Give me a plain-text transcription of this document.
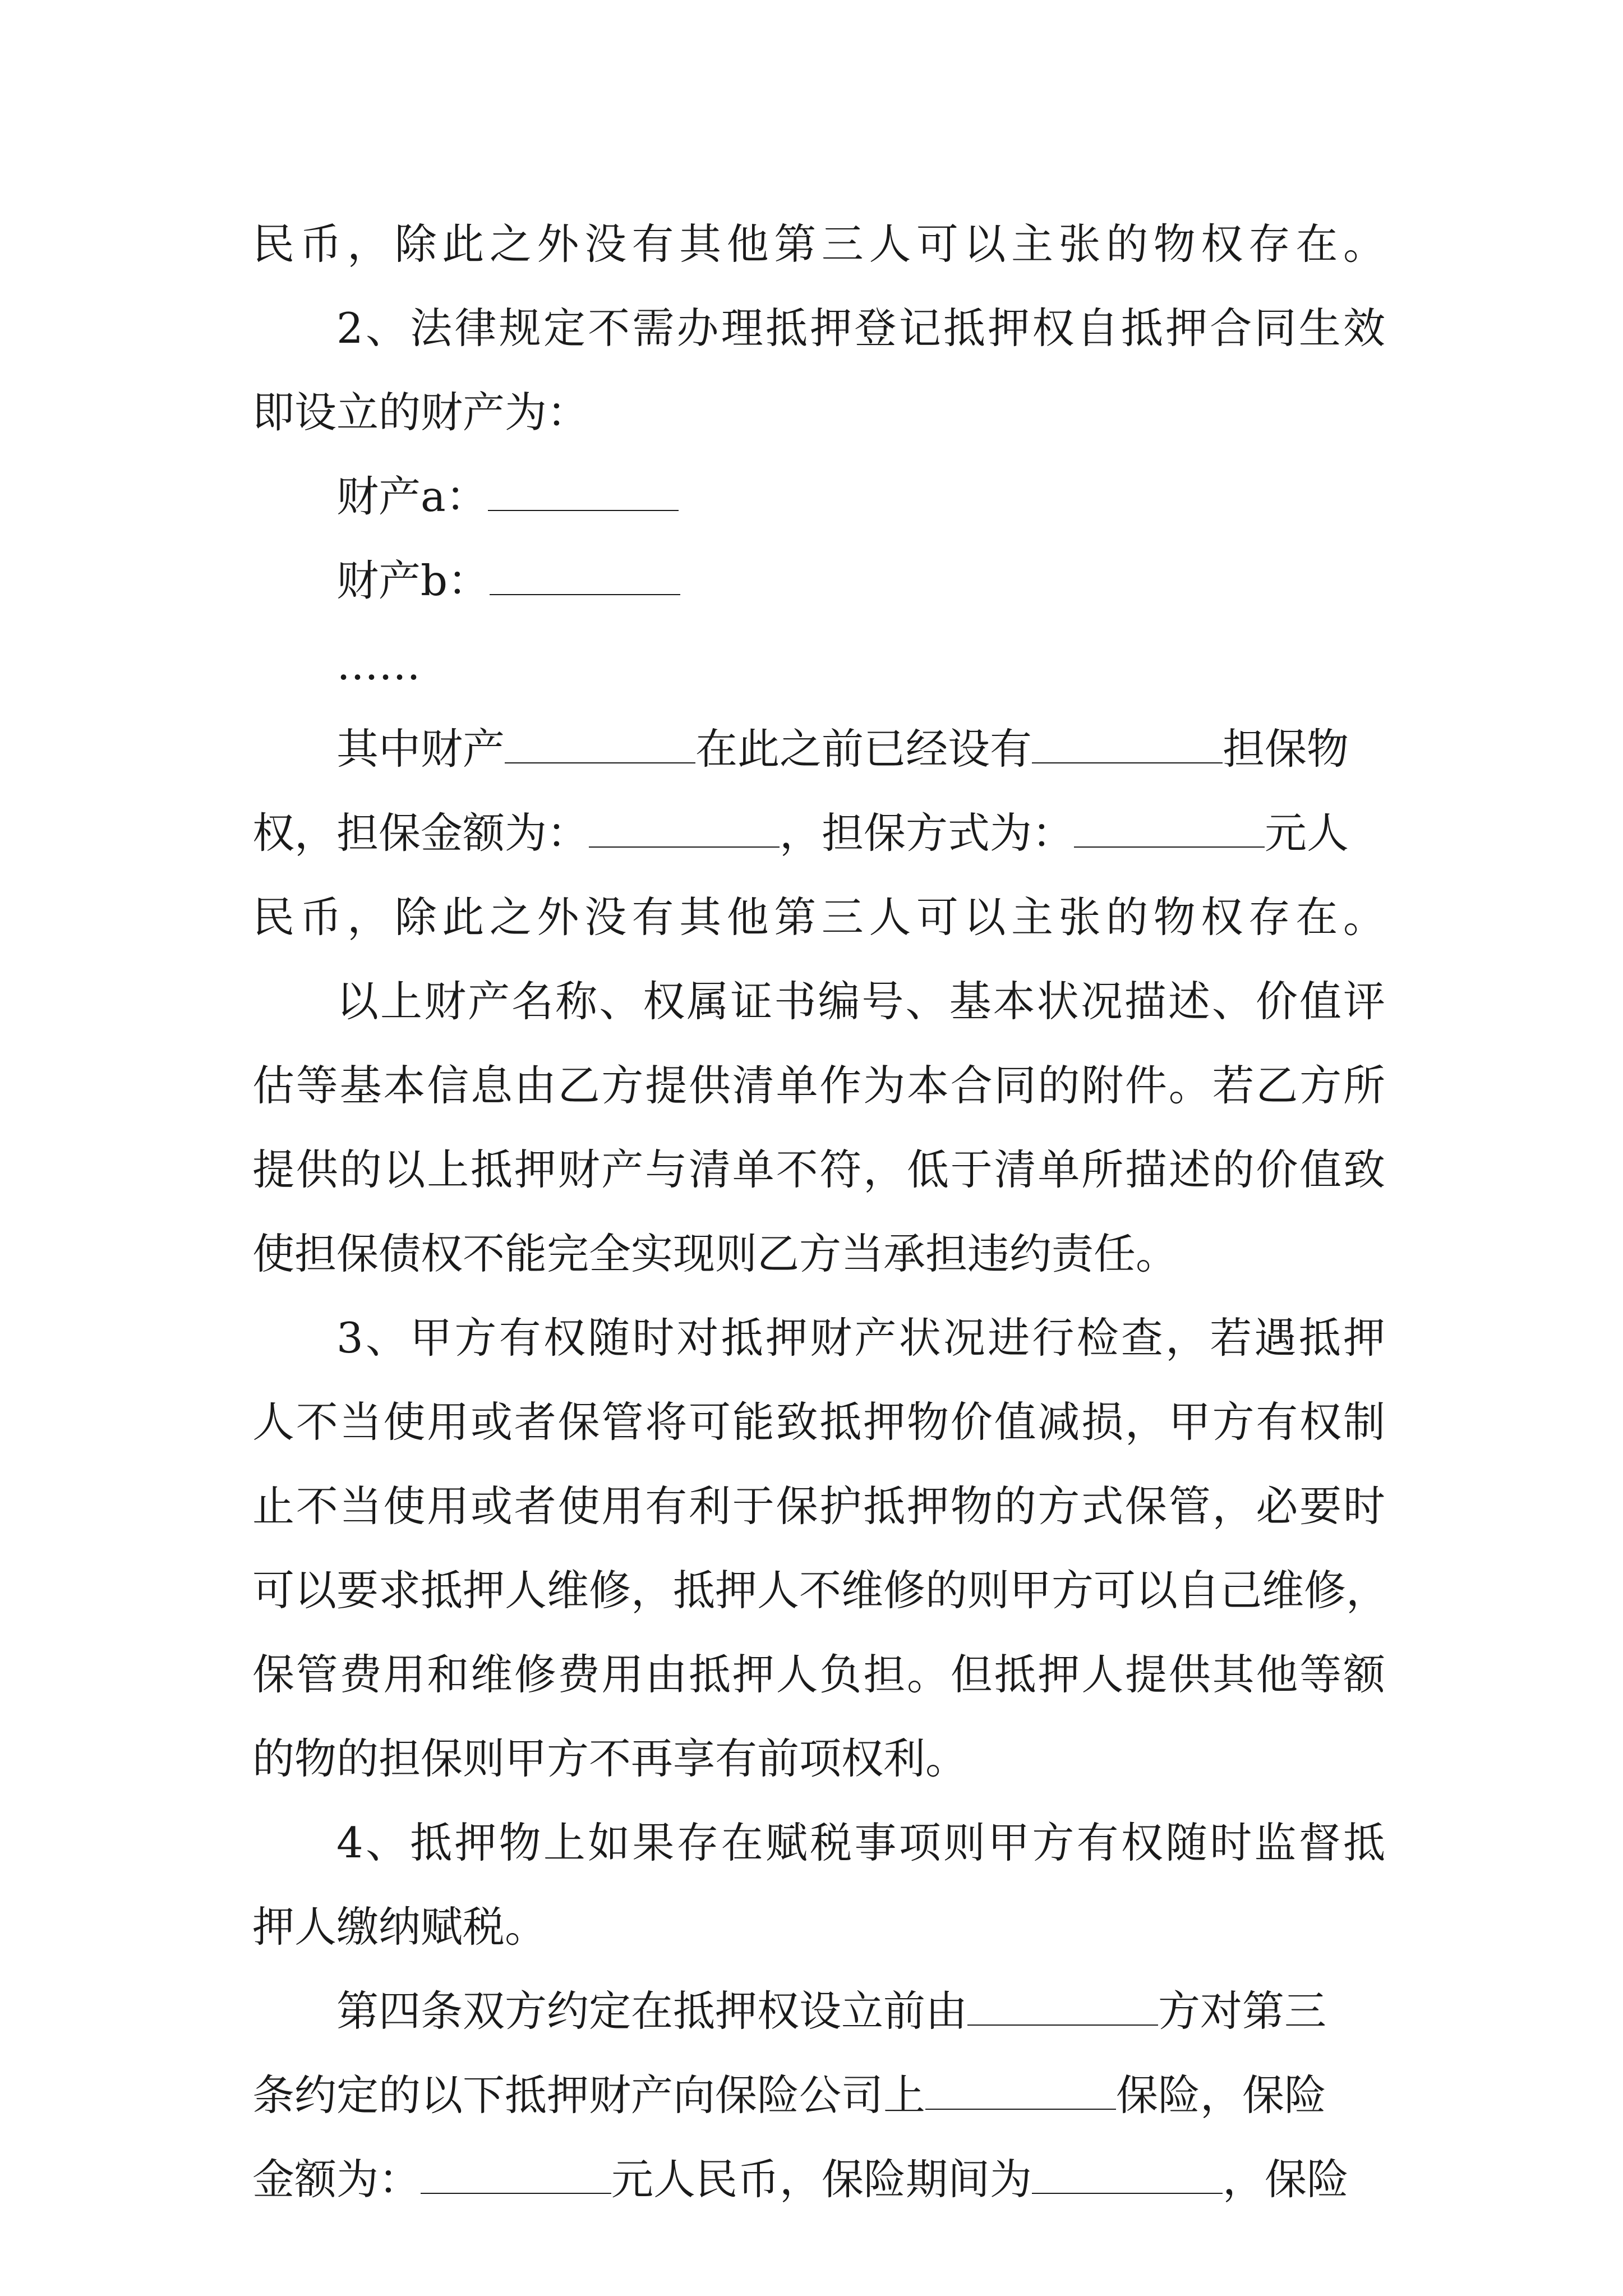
民币，除此之外没有其他第三人可以主张的物权存在。
2、法律规定不需办理抵押登记抵押权自抵押合同生效
即设立的财产为：
财产a：
财产b：
……
其中财产	在此之前已经设有	担保物
权，担保金额为：	，担保方式为：	元人
民币，除此之外没有其他第三人可以主张的物权存在。
以上财产名称、权属证书编号、基本状况描述、价值评
估等基本信息由乙方提供清单作为本合同的附件。若乙方所
提供的以上抵押财产与清单不符，低于清单所描述的价值致
使担保债权不能完全实现则乙方当承担违约责任。
3、甲方有权随时对抵押财产状况进行检查，若遇抵押
人不当使用或者保管将可能致抵押物价值减损，甲方有权制
止不当使用或者使用有利于保护抵押物的方式保管，必要时
可以要求抵押人维修，抵押人不维修的则甲方可以自己维修，
保管费用和维修费用由抵押人负担。但抵押人提供其他等额
的物的担保则甲方不再享有前项权利。
4、抵押物上如果存在赋税事项则甲方有权随时监督抵
押人缴纳赋税。
第四条双方约定在抵押权设立前由	方对第三
条约定的以下抵押财产向保险公司上	保险，保险
金额为：	元人民币，保险期间为	，保险
